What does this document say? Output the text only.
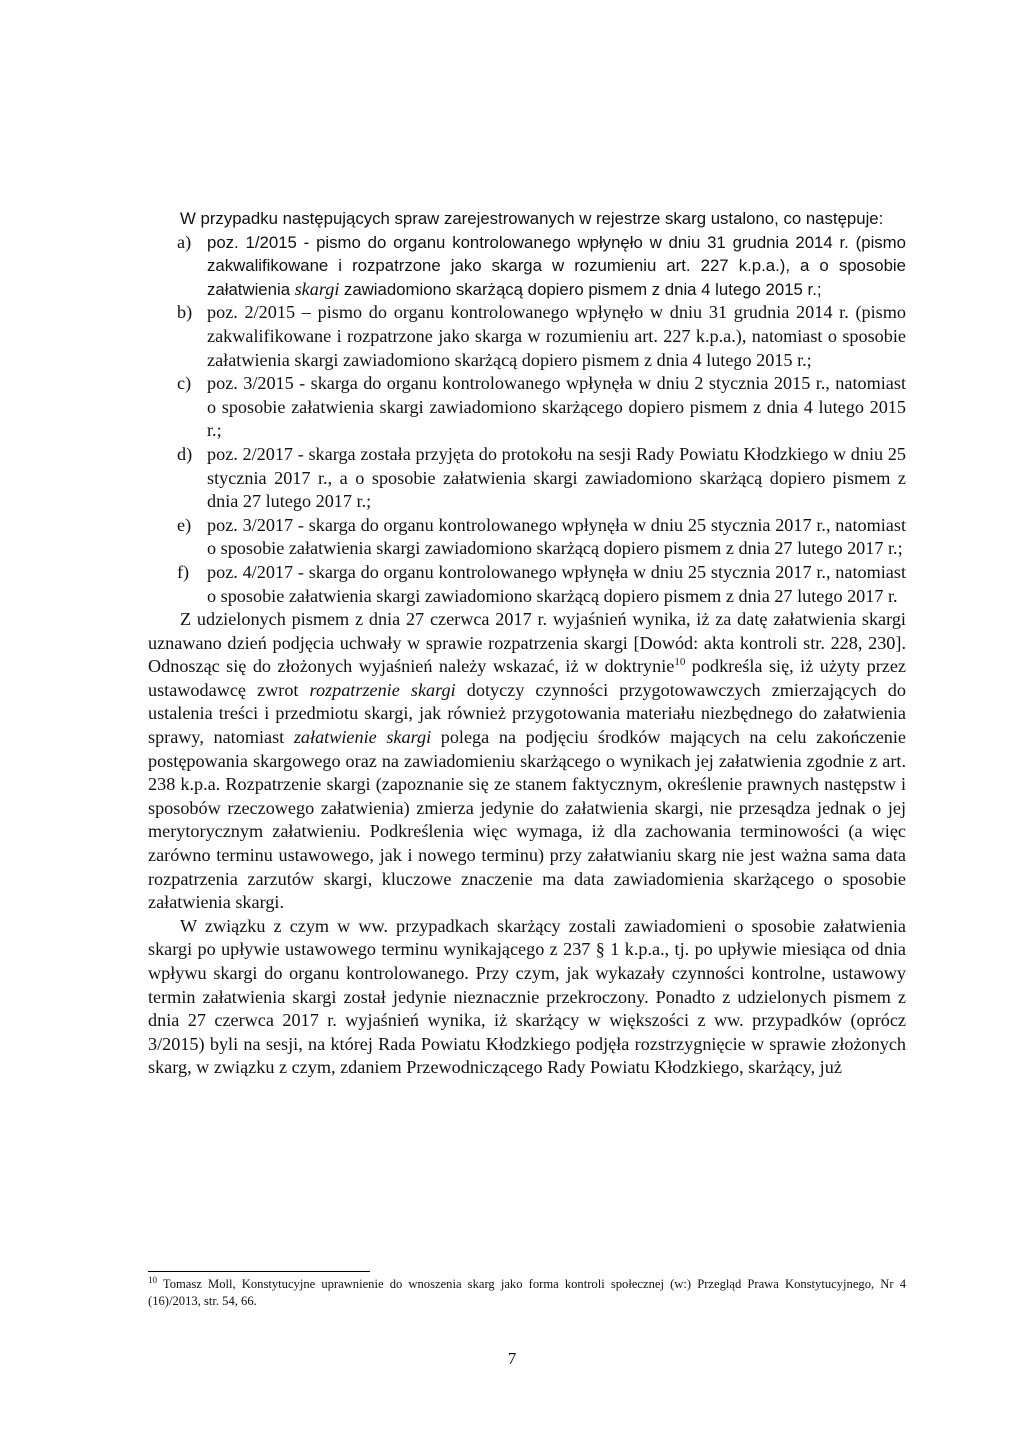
W przypadku następujących spraw zarejestrowanych w rejestrze skarg ustalono, co następuje:

a) poz. 1/2015 - pismo do organu kontrolowanego wpłynęło w dniu 31 grudnia 2014 r. (pismo zakwalifikowane i rozpatrzone jako skarga w rozumieniu art. 227 k.p.a.), a o sposobie załatwienia skargi zawiadomiono skarżącą dopiero pismem z dnia 4 lutego 2015 r.;
b) poz. 2/2015 – pismo do organu kontrolowanego wpłynęło w dniu 31 grudnia 2014 r. (pismo zakwalifikowane i rozpatrzone jako skarga w rozumieniu art. 227 k.p.a.), natomiast o sposobie załatwienia skargi zawiadomiono skarżącą dopiero pismem z dnia 4 lutego 2015 r.;
c) poz. 3/2015 - skarga do organu kontrolowanego wpłynęła w dniu 2 stycznia 2015 r., natomiast o sposobie załatwienia skargi zawiadomiono skarżącego dopiero pismem z dnia 4 lutego 2015 r.;
d) poz. 2/2017 - skarga została przyjęta do protokołu na sesji Rady Powiatu Kłodzkiego w dniu 25 stycznia 2017 r., a o sposobie załatwienia skargi zawiadomiono skarżącą dopiero pismem z dnia 27 lutego 2017 r.;
e) poz. 3/2017 - skarga do organu kontrolowanego wpłynęła w dniu 25 stycznia 2017 r., natomiast o sposobie załatwienia skargi zawiadomiono skarżącą dopiero pismem z dnia 27 lutego 2017 r.;
f) poz. 4/2017 - skarga do organu kontrolowanego wpłynęła w dniu 25 stycznia 2017 r., natomiast o sposobie załatwienia skargi zawiadomiono skarżącą dopiero pismem z dnia 27 lutego 2017 r.

Z udzielonych pismem z dnia 27 czerwca 2017 r. wyjaśnień wynika, iż za datę załatwienia skargi uznawano dzień podjęcia uchwały w sprawie rozpatrzenia skargi [Dowód: akta kontroli str. 228, 230]. Odnosząc się do złożonych wyjaśnień należy wskazać, iż w doktrynie$^{10}$ podkreśla się, iż użyty przez ustawodawcę zwrot rozpatrzenie skargi dotyczy czynności przygotowawczych zmierzających do ustalenia treści i przedmiotu skargi, jak również przygotowania materiału niezbędnego do załatwienia sprawy, natomiast załatwienie skargi polega na podjęciu środków mających na celu zakończenie postępowania skargowego oraz na zawiadomieniu skarżącego o wynikach jej załatwienia zgodnie z art. 238 k.p.a. Rozpatrzenie skargi (zapoznanie się ze stanem faktycznym, określenie prawnych następstw i sposobów rzeczowego załatwienia) zmierza jedynie do załatwienia skargi, nie przesądza jednak o jej merytorycznym załatwieniu. Podkreślenia więc wymaga, iż dla zachowania terminowości (a więc zarówno terminu ustawowego, jak i nowego terminu) przy załatwianiu skarg nie jest ważna sama data rozpatrzenia zarzutów skargi, kluczowe znaczenie ma data zawiadomienia skarżącego o sposobie załatwienia skargi.

W związku z czym w ww. przypadkach skarżący zostali zawiadomieni o sposobie załatwienia skargi po upływie ustawowego terminu wynikającego z 237 § 1 k.p.a., tj. po upływie miesiąca od dnia wpływu skargi do organu kontrolowanego. Przy czym, jak wykazały czynności kontrolne, ustawowy termin załatwienia skargi został jedynie nieznacznie przekroczony. Ponadto z udzielonych pismem z dnia 27 czerwca 2017 r. wyjaśnień wynika, iż skarżący w większości z ww. przypadków (oprócz 3/2015) byli na sesji, na której Rada Powiatu Kłodzkiego podjęła rozstrzygnięcie w sprawie złożonych skarg, w związku z czym, zdaniem Przewodniczącego Rady Powiatu Kłodzkiego, skarżący, już

$^{10}$ Tomasz Moll, Konstytucyjne uprawnienie do wnoszenia skarg jako forma kontroli społecznej (w:) Przegląd Prawa Konstytucyjnego, Nr 4 (16)/2013, str. 54, 66.
7
